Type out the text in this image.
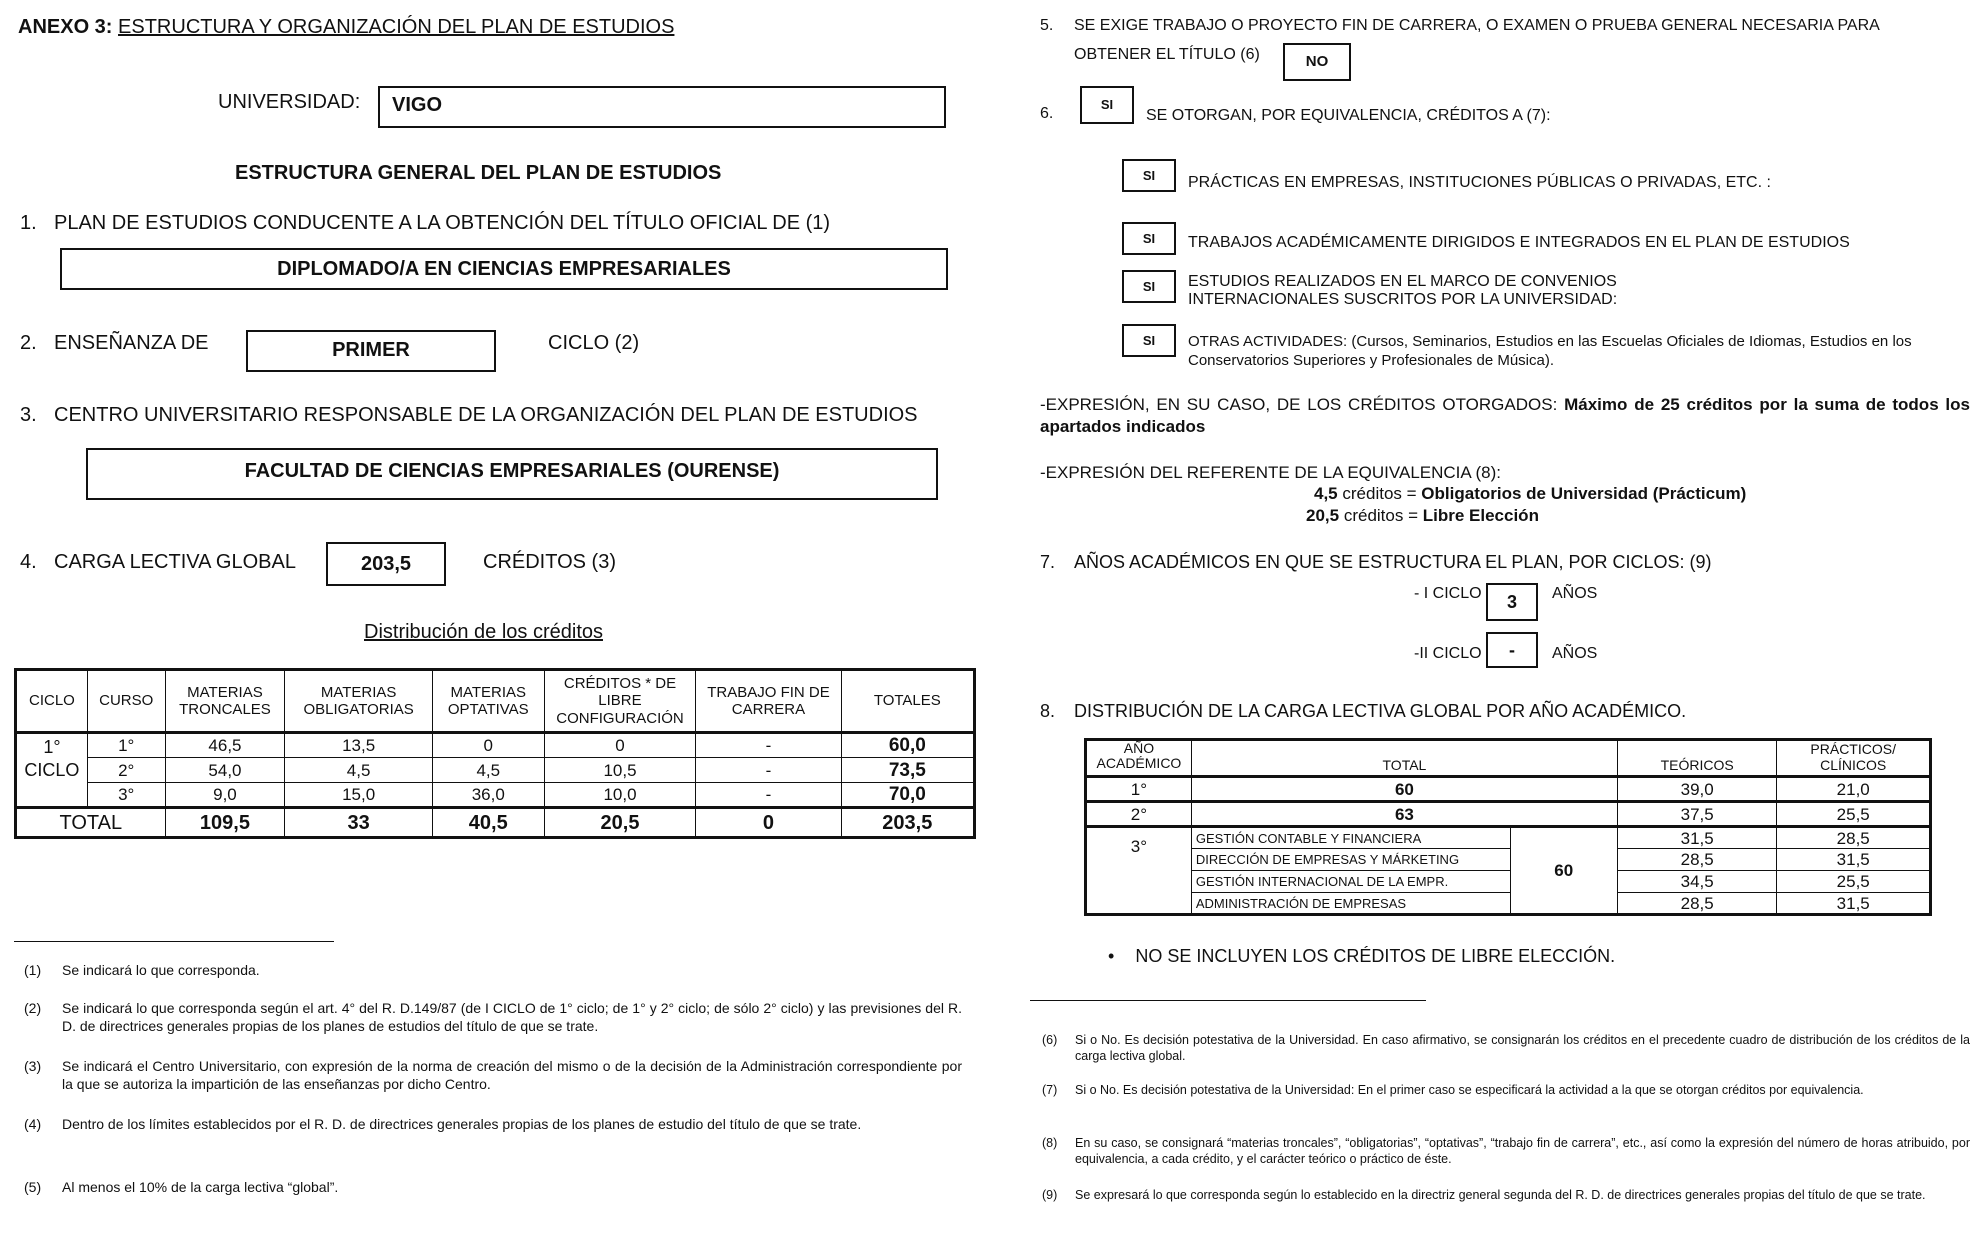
ANEXO 3: ESTRUCTURA Y ORGANIZACIÓN DEL PLAN DE ESTUDIOS
UNIVERSIDAD: VIGO
ESTRUCTURA GENERAL DEL PLAN DE ESTUDIOS
1. PLAN DE ESTUDIOS CONDUCENTE A LA OBTENCIÓN DEL TÍTULO OFICIAL DE (1)
DIPLOMADO/A EN CIENCIAS EMPRESARIALES
2. ENSEÑANZA DE	PRIMER	CICLO (2)
3. CENTRO UNIVERSITARIO RESPONSABLE DE LA ORGANIZACIÓN DEL PLAN DE ESTUDIOS
FACULTAD DE CIENCIAS EMPRESARIALES (OURENSE)
4. CARGA LECTIVA GLOBAL	203,5	CRÉDITOS (3)
Distribución de los créditos
CICLO	CURSO	MATERIAS TRONCALES	MATERIAS OBLIGATORIAS	MATERIAS OPTATIVAS	CRÉDITOS * DE LIBRE CONFIGURACIÓN	TRABAJO FIN DE CARRERA	TOTALES
1° CICLO	1°	46,5	13,5	0	0	-	60,0
	2°	54,0	4,5	4,5	10,5	-	73,5
	3°	9,0	15,0	36,0	10,0	-	70,0
TOTAL		109,5	33	40,5	20,5	0	203,5
(1) Se indicará lo que corresponda.
(2) Se indicará lo que corresponda según el art. 4° del R. D.149/87 (de I CICLO de 1° ciclo; de 1° y 2° ciclo; de sólo 2° ciclo) y las previsiones del R. D. de directrices generales propias de los planes de estudios del título de que se trate.
(3) Se indicará el Centro Universitario, con expresión de la norma de creación del mismo o de la decisión de la Administración correspondiente por la que se autoriza la impartición de las enseñanzas por dicho Centro.
(4) Dentro de los límites establecidos por el R. D. de directrices generales propias de los planes de estudio del título de que se trate.
(5) Al menos el 10% de la carga lectiva “global”.
5. SE EXIGE TRABAJO O PROYECTO FIN DE CARRERA, O EXAMEN O PRUEBA GENERAL NECESARIA PARA
OBTENER EL TÍTULO (6)	NO
6.
SI
SE OTORGAN, POR EQUIVALENCIA, CRÉDITOS A (7):
SI	PRÁCTICAS EN EMPRESAS, INSTITUCIONES PÚBLICAS O PRIVADAS, ETC. :
SI	TRABAJOS ACADÉMICAMENTE DIRIGIDOS E INTEGRADOS EN EL PLAN DE ESTUDIOS
SI	ESTUDIOS REALIZADOS EN EL MARCO DE CONVENIOS INTERNACIONALES SUSCRITOS POR LA UNIVERSIDAD:
SI	OTRAS ACTIVIDADES: (Cursos, Seminarios, Estudios en las Escuelas Oficiales de Idiomas, Estudios en los Conservatorios Superiores y Profesionales de Música).
-EXPRESIÓN, EN SU CASO, DE LOS CRÉDITOS OTORGADOS: Máximo de 25 créditos por la suma de todos los apartados indicados
-EXPRESIÓN DEL REFERENTE DE LA EQUIVALENCIA (8):
4,5 créditos = Obligatorios de Universidad (Prácticum)
20,5 créditos = Libre Elección
7. AÑOS ACADÉMICOS EN QUE SE ESTRUCTURA EL PLAN, POR CICLOS: (9)
- I CICLO	3	AÑOS
-II CICLO	-	AÑOS
8. DISTRIBUCIÓN DE LA CARGA LECTIVA GLOBAL POR AÑO ACADÉMICO.
AÑO ACADÉMICO	TOTAL		TEÓRICOS	PRÁCTICOS/ CLÍNICOS
1°	60		39,0	21,0
2°	63		37,5	25,5
3°	GESTIÓN CONTABLE Y FINANCIERA	60	31,5	28,5
	DIRECCIÓN DE EMPRESAS Y MÁRKETING		28,5	31,5
	GESTIÓN INTERNACIONAL DE LA EMPR.		34,5	25,5
	ADMINISTRACIÓN DE EMPRESAS		28,5	31,5
• NO SE INCLUYEN LOS CRÉDITOS DE LIBRE ELECCIÓN.
(6) Si o No. Es decisión potestativa de la Universidad. En caso afirmativo, se consignarán los créditos en el precedente cuadro de distribución de los créditos de la carga lectiva global.
(7) Si o No. Es decisión potestativa de la Universidad: En el primer caso se especificará la actividad a la que se otorgan créditos por equivalencia.
(8) En su caso, se consignará “materias troncales”, “obligatorias”, “optativas”, “trabajo fin de carrera”, etc., así como la expresión del número de horas atribuido, por equivalencia, a cada crédito, y el carácter teórico o práctico de éste.
(9) Se expresará lo que corresponda según lo establecido en la directriz general segunda del R. D. de directrices generales propias del título de que se trate.
